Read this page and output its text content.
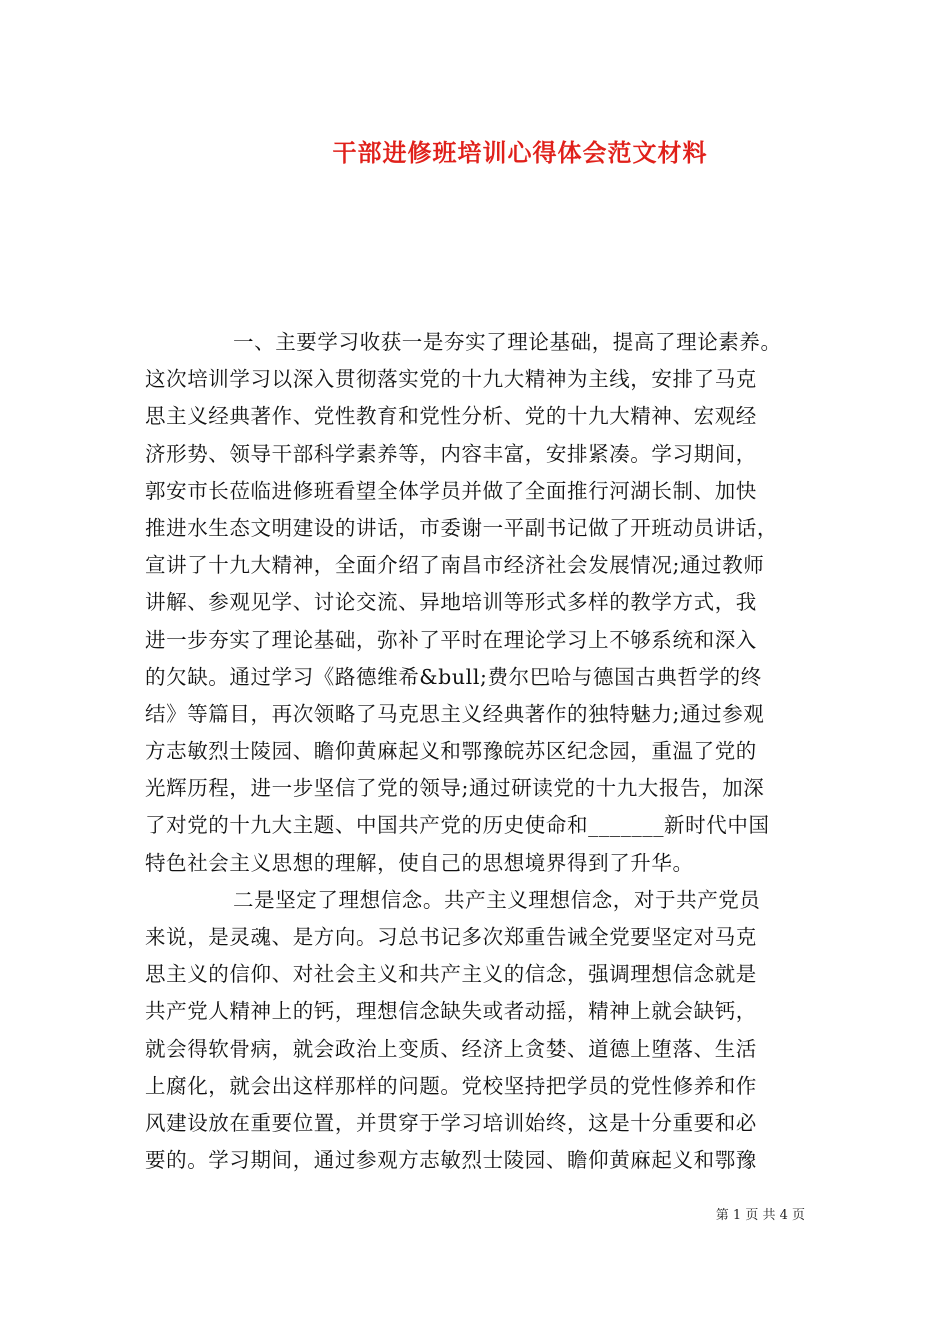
干部进修班培训心得体会范文材料
一、主要学习收获一是夯实了理论基础，提高了理论素养。
这次培训学习以深入贯彻落实党的十九大精神为主线，安排了马克
思主义经典著作、党性教育和党性分析、党的十九大精神、宏观经
济形势、领导干部科学素养等，内容丰富，安排紧凑。学习期间，
郭安市长莅临进修班看望全体学员并做了全面推行河湖长制、加快
推进水生态文明建设的讲话，市委谢一平副书记做了开班动员讲话，
宣讲了十九大精神，全面介绍了南昌市经济社会发展情况;通过教师
讲解、参观见学、讨论交流、异地培训等形式多样的教学方式，我
进一步夯实了理论基础，弥补了平时在理论学习上不够系统和深入
的欠缺。通过学习《路德维希&bull;费尔巴哈与德国古典哲学的终
结》等篇目，再次领略了马克思主义经典著作的独特魅力;通过参观
方志敏烈士陵园、瞻仰黄麻起义和鄂豫皖苏区纪念园，重温了党的
光辉历程，进一步坚信了党的领导;通过研读党的十九大报告，加深
了对党的十九大主题、中国共产党的历史使命和_______新时代中国
特色社会主义思想的理解，使自己的思想境界得到了升华。
二是坚定了理想信念。共产主义理想信念，对于共产党员
来说，是灵魂、是方向。习总书记多次郑重告诫全党要坚定对马克
思主义的信仰、对社会主义和共产主义的信念，强调理想信念就是
共产党人精神上的钙，理想信念缺失或者动摇，精神上就会缺钙，
就会得软骨病，就会政治上变质、经济上贪婪、道德上堕落、生活
上腐化，就会出这样那样的问题。党校坚持把学员的党性修养和作
风建设放在重要位置，并贯穿于学习培训始终，这是十分重要和必
要的。学习期间，通过参观方志敏烈士陵园、瞻仰黄麻起义和鄂豫
第 1 页 共 4 页
